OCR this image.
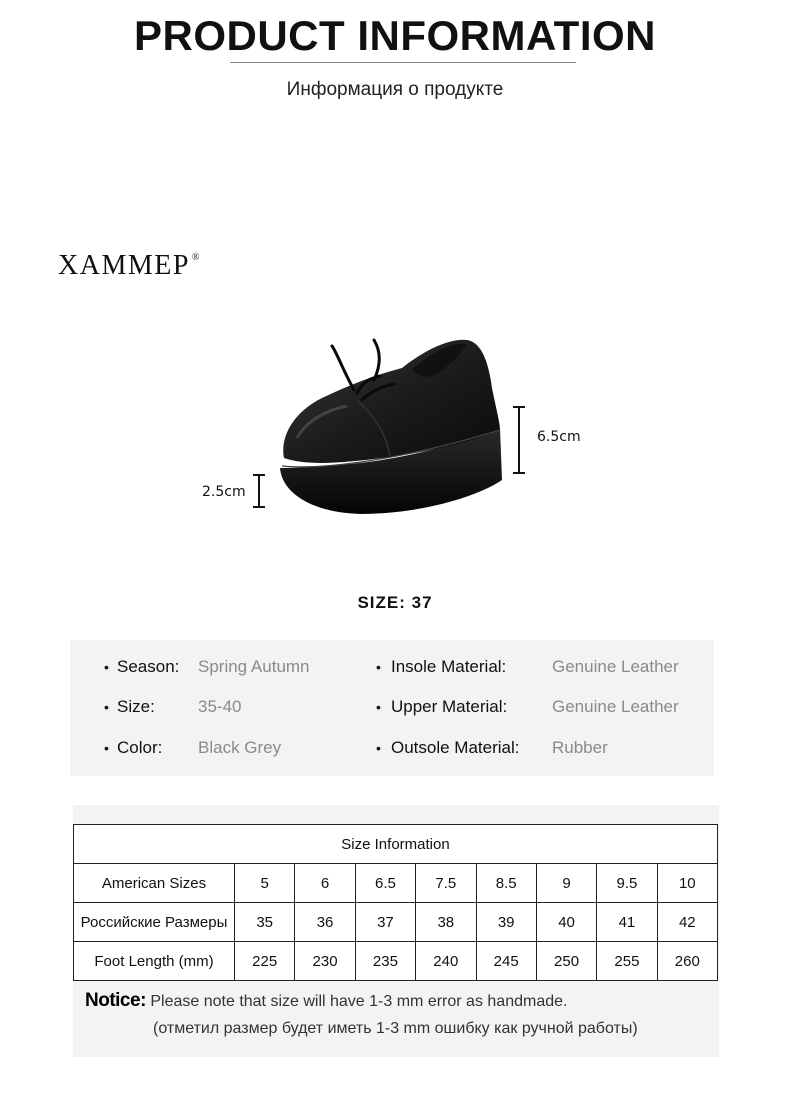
PRODUCT INFORMATION
Информация о продукте
XAMMEP ®
6.5cm
2.5cm
SIZE: 37
• Season: Spring Autumn	• Insole Material:	Genuine Leather
• Size:	35-40	• Upper Material:	Genuine Leather
• Color: Black Grey	• Outsole Material: Rubber
Size Information								
American Sizes	5	6	6.5	7.5	8.5	9	9.5	10
Российские Размеры	35	36	37	38	39	40	41	42
Foot Length (mm)	225	230	235	240	245	250	255	260
Notice: Please note that size will have 1-3 mm error as handmade.
(отметил размер будет иметь 1-3 mm ошибку как ручной работы)
